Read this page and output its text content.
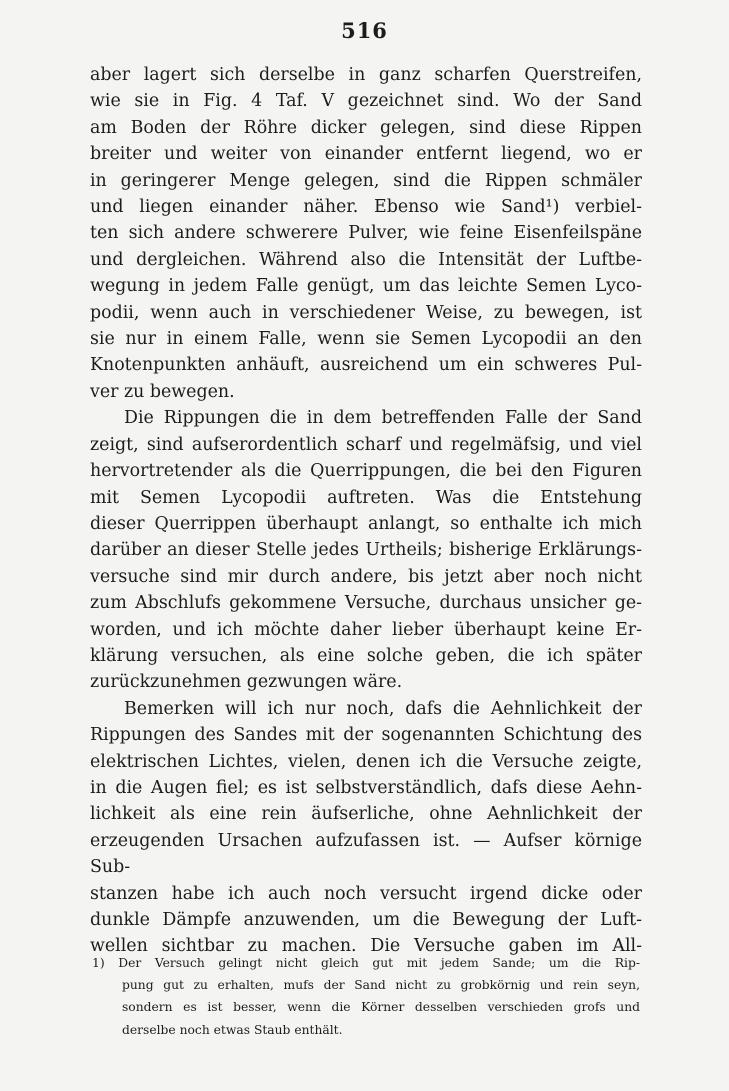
516

aber lagert sich derselbe in ganz scharfen Querstreifen,

wie sie in Fig. 4 Taf. V gezeichnet sind. Wo der Sand

am Boden der Röhre dicker gelegen, sind diese Rippen

breiter und weiter von einander entfernt liegend, wo er

in geringerer Menge gelegen, sind die Rippen schmäler

und liegen einander näher. Ebenso wie Sand¹) verbiel-

ten sich andere schwerere Pulver, wie feine Eisenfeilspäne

und dergleichen. Während also die Intensität der Luftbe-

wegung in jedem Falle genügt, um das leichte Semen Lyco-

podii, wenn auch in verschiedener Weise, zu bewegen, ist

sie nur in einem Falle, wenn sie Semen Lycopodii an den

Knotenpunkten anhäuft, ausreichend um ein schweres Pul-

ver zu bewegen.

Die Rippungen die in dem betreffenden Falle der Sand

zeigt, sind aufserordentlich scharf und regelmäfsig, und viel

hervortretender als die Querrippungen, die bei den Figuren

mit Semen Lycopodii auftreten. Was die Entstehung

dieser Querrippen überhaupt anlangt, so enthalte ich mich

darüber an dieser Stelle jedes Urtheils; bisherige Erklärungs-

versuche sind mir durch andere, bis jetzt aber noch nicht

zum Abschlufs gekommene Versuche, durchaus unsicher ge-

worden, und ich möchte daher lieber überhaupt keine Er-

klärung versuchen, als eine solche geben, die ich später

zurückzunehmen gezwungen wäre.

Bemerken will ich nur noch, dafs die Aehnlichkeit der

Rippungen des Sandes mit der sogenannten Schichtung des

elektrischen Lichtes, vielen, denen ich die Versuche zeigte,

in die Augen fiel; es ist selbstverständlich, dafs diese Aehn-

lichkeit als eine rein äufserliche, ohne Aehnlichkeit der

erzeugenden Ursachen aufzufassen ist. — Aufser körnige Sub-

stanzen habe ich auch noch versucht irgend dicke oder

dunkle Dämpfe anzuwenden, um die Bewegung der Luft-

wellen sichtbar zu machen. Die Versuche gaben im All-

1) Der Versuch gelingt nicht gleich gut mit jedem Sande; um die Rip-

pung gut zu erhalten, mufs der Sand nicht zu grobkörnig und rein seyn,

sondern es ist besser, wenn die Körner desselben verschieden grofs und

derselbe noch etwas Staub enthält.
